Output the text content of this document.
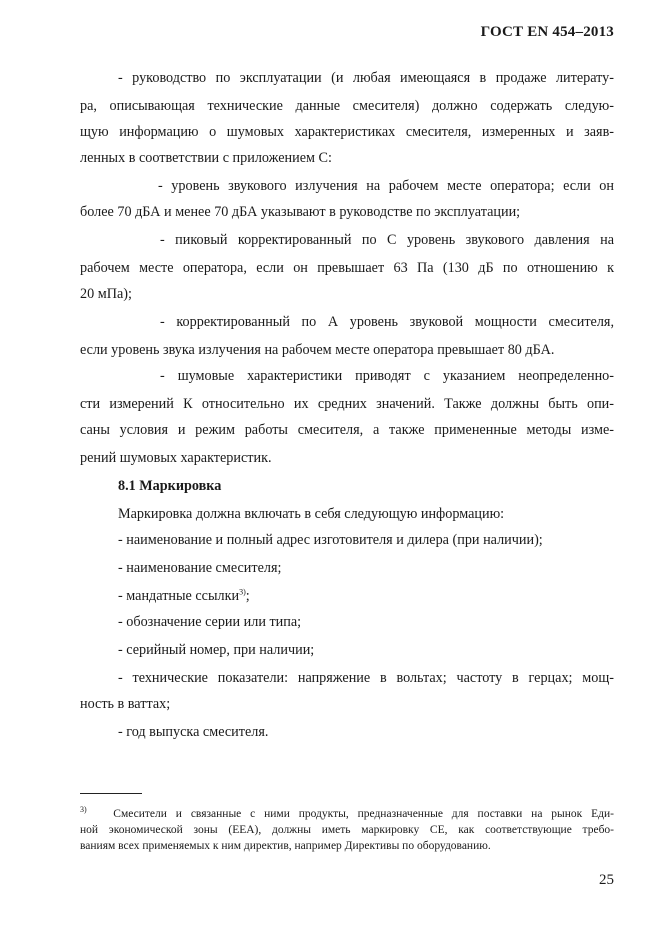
ГОСТ EN 454–2013
- руководство по эксплуатации (и любая имеющаяся в продаже литерату-
ра, описывающая технические данные смесителя) должно содержать следую-
щую информацию о шумовых характеристиках смесителя, измеренных и заяв-
ленных в соответствии с приложением С:
- уровень звукового излучения на рабочем месте оператора; если он
более 70 дБА и менее 70 дБА указывают в руководстве по эксплуатации;
- пиковый корректированный по С уровень звукового давления на
рабочем месте оператора, если он превышает 63 Па (130 дБ по отношению к
20 мПа);
- корректированный по А уровень звуковой мощности смесителя,
если уровень звука излучения на рабочем месте оператора превышает 80 дБА.
- шумовые характеристики приводят с указанием неопределенно-
сти измерений К относительно их средних значений. Также должны быть опи-
саны условия и режим работы смесителя, а также примененные методы изме-
рений шумовых характеристик.
8.1 Маркировка
Маркировка должна включать в себя следующую информацию:
- наименование и полный адрес изготовителя и дилера (при наличии);
- наименование смесителя;
- мандатные ссылки$^{3)}$;
- обозначение серии или типа;
- серийный номер, при наличии;
- технические показатели: напряжение в вольтах; частоту в герцах; мощ-
ность в ваттах;
- год выпуска смесителя.
$^{3)}$ Смесители и связанные с ними продукты, предназначенные для поставки на рынок Еди-
ной экономической зоны (ЕЕА), должны иметь маркировку СЕ, как соответствующие требо-
ваниям всех применяемых к ним директив, например Директивы по оборудованию.
25
